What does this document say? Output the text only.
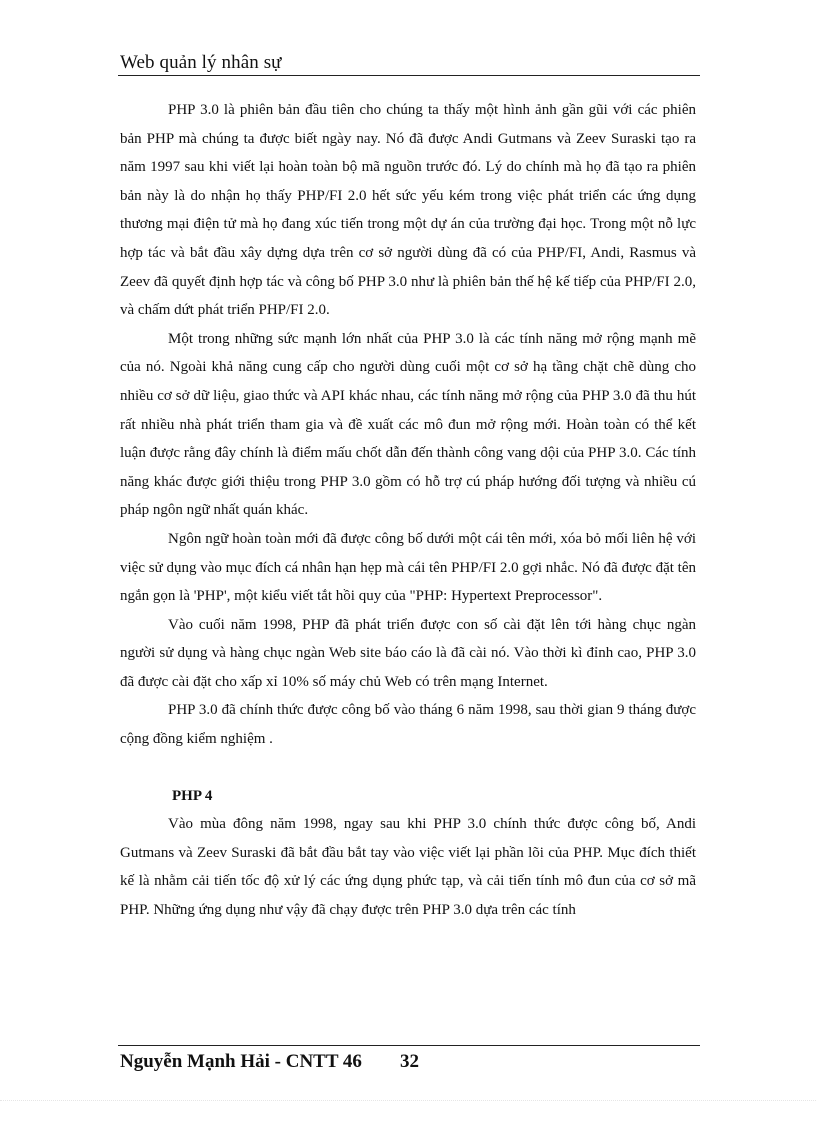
Web quản lý nhân sự

PHP 3.0 là phiên bản đầu tiên cho chúng ta thấy một hình ảnh gần gũi với các phiên bản PHP mà chúng ta được biết ngày nay. Nó đã được Andi Gutmans và Zeev Suraski tạo ra năm 1997 sau khi viết lại hoàn toàn bộ mã nguồn trước đó. Lý do chính mà họ đã tạo ra phiên bản này là do nhận họ thấy PHP/FI 2.0 hết sức yếu kém trong việc phát triển các ứng dụng thương mại điện tử mà họ đang xúc tiến trong một dự án của trường đại học. Trong một nỗ lực hợp tác và bắt đầu xây dựng dựa trên cơ sở người dùng đã có của PHP/FI, Andi, Rasmus và Zeev đã quyết định hợp tác và công bố PHP 3.0 như là phiên bản thế hệ kế tiếp của PHP/FI 2.0, và chấm dứt phát triển PHP/FI 2.0.

Một trong những sức mạnh lớn nhất của PHP 3.0 là các tính năng mở rộng mạnh mẽ của nó. Ngoài khả năng cung cấp cho người dùng cuối một cơ sở hạ tầng chặt chẽ dùng cho nhiều cơ sở dữ liệu, giao thức và API khác nhau, các tính năng mở rộng của PHP 3.0 đã thu hút rất nhiều nhà phát triển tham gia và đề xuất các mô đun mở rộng mới. Hoàn toàn có thể kết luận được rằng đây chính là điểm mấu chốt dẫn đến thành công vang dội của PHP 3.0. Các tính năng khác được giới thiệu trong PHP 3.0 gồm có hỗ trợ cú pháp hướng đối tượng và nhiều cú pháp ngôn ngữ nhất quán khác.

Ngôn ngữ hoàn toàn mới đã được công bố dưới một cái tên mới, xóa bỏ mối liên hệ với việc sử dụng vào mục đích cá nhân hạn hẹp mà cái tên PHP/FI 2.0 gợi nhắc. Nó đã được đặt tên ngắn gọn là 'PHP', một kiểu viết tắt hồi quy của "PHP: Hypertext Preprocessor".

Vào cuối năm 1998, PHP đã phát triển được con số cài đặt lên tới hàng chục ngàn người sử dụng và hàng chục ngàn Web site báo cáo là đã cài nó. Vào thời kì đỉnh cao, PHP 3.0 đã được cài đặt cho xấp xỉ 10% số máy chủ Web có trên mạng Internet.

PHP 3.0 đã chính thức được công bố vào tháng 6 năm 1998, sau thời gian 9 tháng được cộng đồng kiểm nghiệm .

PHP 4

Vào mùa đông năm 1998, ngay sau khi PHP 3.0 chính thức được công bố, Andi Gutmans và Zeev Suraski đã bắt đầu bắt tay vào việc viết lại phần lõi của PHP. Mục đích thiết kế là nhằm cải tiến tốc độ xử lý các ứng dụng phức tạp, và cải tiến tính mô đun của cơ sở mã PHP. Những ứng dụng như vậy đã chạy được trên PHP 3.0 dựa trên các tính

Nguyễn Mạnh Hải - CNTT 46 32
